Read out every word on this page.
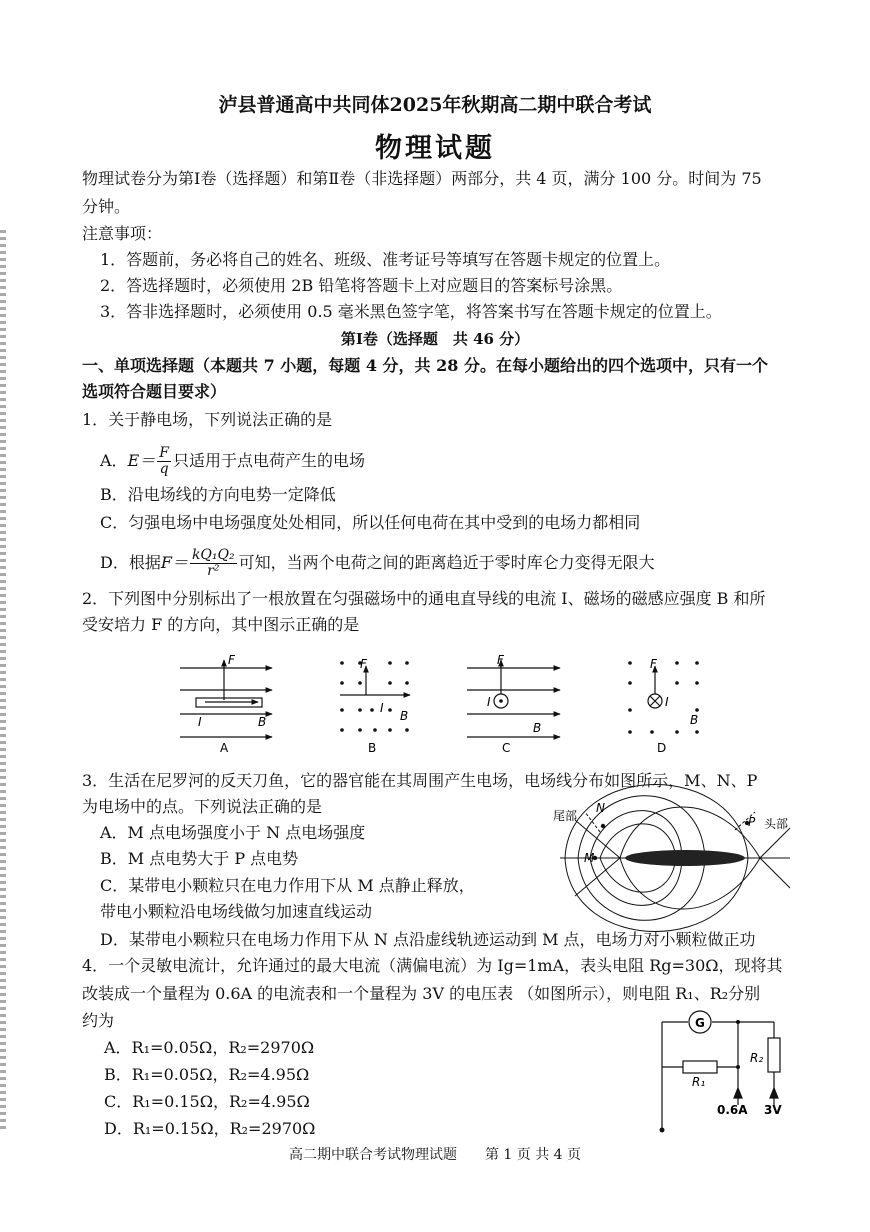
泸县普通高中共同体2025年秋期高二期中联合考试
物理试题
物理试卷分为第Ⅰ卷（选择题）和第Ⅱ卷（非选择题）两部分，共 4 页，满分 100 分。时间为 75
分钟。
注意事项：
1．答题前，务必将自己的姓名、班级、准考证号等填写在答题卡规定的位置上。
2．答选择题时，必须使用 2B 铅笔将答题卡上对应题目的答案标号涂黑。
3．答非选择题时，必须使用 0.5 毫米黑色签字笔，将答案书写在答题卡规定的位置上。
第Ⅰ卷（选择题　共 46 分）
一、单项选择题（本题共 7 小题，每题 4 分，共 28 分。在每小题给出的四个选项中，只有一个
选项符合题目要求）
1．关于静电场，下列说法正确的是
A．$E= \frac{F}{q}$ 只适用于点电荷产生的电场
B．沿电场线的方向电势一定降低
C．匀强电场中电场强度处处相同，所以任何电荷在其中受到的电场力都相同
D．根据$F= \frac{\text{kQ₁Q₂}}{\text{r²}}$ 可知，当两个电荷之间的距离趋近于零时库仑力变得无限大
2．下列图中分别标出了一根放置在匀强磁场中的通电直导线的电流 I、磁场的磁感应强度 B 和所
受安培力 F 的方向，其中图示正确的是
F
I	B
A
F
I
B
B
F
I
B
C
F
I
B
D
3．生活在尼罗河的反天刀鱼，它的器官能在其周围产生电场，电场线分布如图所示，M、N、P
为电场中的点。下列说法正确的是
A．M 点电场强度小于 N 点电场强度
B．M 点电势大于 P 点电势
C．某带电小颗粒只在电力作用下从 M 点静止释放，
带电小颗粒沿电场线做匀加速直线运动
D．某带电小颗粒只在电场力作用下从 N 点沿虚线轨迹运动到 M 点，电场力对小颗粒做正功
尾部
头部
M
N
P
4．一个灵敏电流计，允许通过的最大电流（满偏电流）为 Ig=1mA，表头电阻 Rg=30Ω，现将其
改装成一个量程为 0.6A 的电流表和一个量程为 3V 的电压表 （如图所示），则电阻 R₁、R₂分别
约为
A．R₁=0.05Ω，R₂=2970Ω
B．R₁=0.05Ω，R₂=4.95Ω
C．R₁=0.15Ω，R₂=4.95Ω
D．R₁=0.15Ω，R₂=2970Ω
G
R₁
R₂
0.6A 3V
高二期中联合考试物理试题　　第 1 页 共 4 页
